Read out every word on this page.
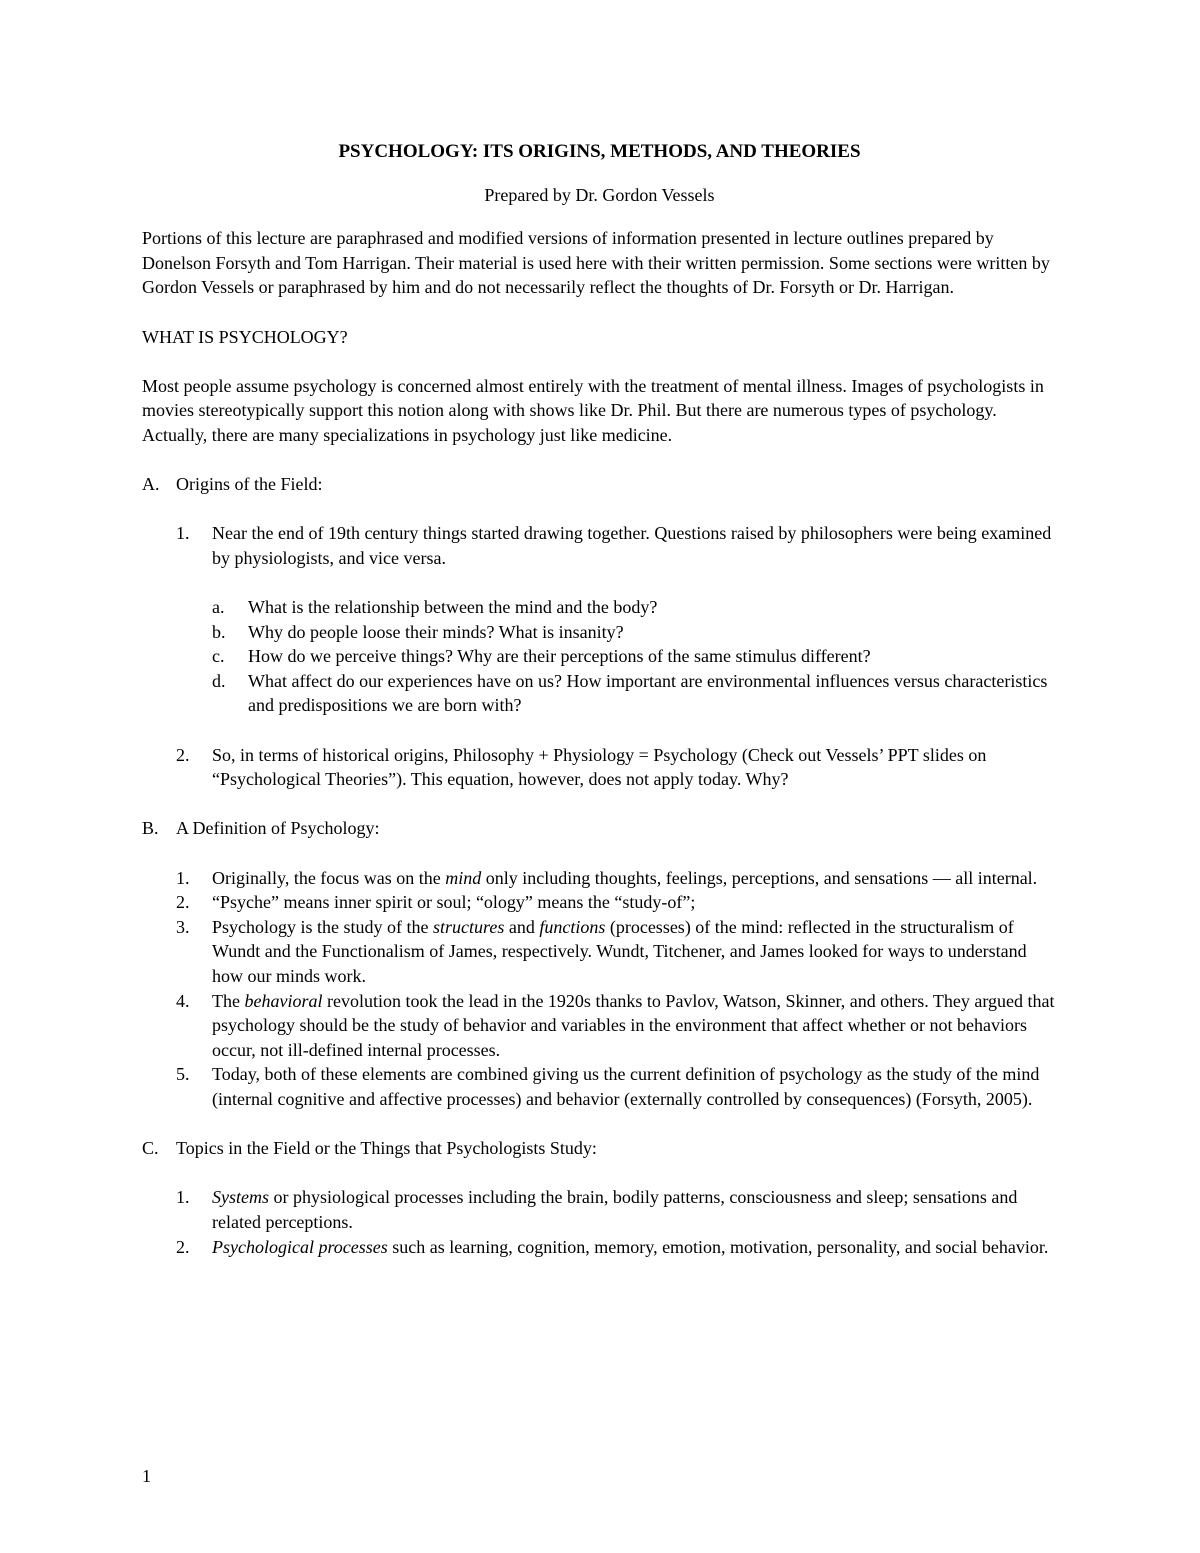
PSYCHOLOGY: ITS ORIGINS, METHODS, AND THEORIES

Prepared by Dr. Gordon Vessels

Portions of this lecture are paraphrased and modified versions of information presented in lecture outlines prepared by Donelson Forsyth and Tom Harrigan. Their material is used here with their written permission. Some sections were written by Gordon Vessels or paraphrased by him and do not necessarily reflect the thoughts of Dr. Forsyth or Dr. Harrigan.

WHAT IS PSYCHOLOGY?

Most people assume psychology is concerned almost entirely with the treatment of mental illness. Images of psychologists in movies stereotypically support this notion along with shows like Dr. Phil. But there are numerous types of psychology. Actually, there are many specializations in psychology just like medicine.

A. Origins of the Field:
1.	Near the end of 19th century things started drawing together. Questions raised by philosophers were being examined by physiologists, and vice versa.
a.	What is the relationship between the mind and the body?
b.	Why do people loose their minds? What is insanity?
c.	How do we perceive things? Why are their perceptions of the same stimulus different?
d.	What affect do our experiences have on us? How important are environmental influences versus characteristics and predispositions we are born with?
2.	So, in terms of historical origins, Philosophy + Physiology = Psychology (Check out Vessels’ PPT slides on “Psychological Theories”). This equation, however, does not apply today. Why?
B. A Definition of Psychology:
1.	Originally, the focus was on the mind only including thoughts, feelings, perceptions, and sensations — all internal.
2.	“Psyche” means inner spirit or soul; “ology” means the “study-of”;
3.	Psychology is the study of the structures and functions (processes) of the mind: reflected in the structuralism of Wundt and the Functionalism of James, respectively. Wundt, Titchener, and James looked for ways to understand how our minds work.
4.	The behavioral revolution took the lead in the 1920s thanks to Pavlov, Watson, Skinner, and others. They argued that psychology should be the study of behavior and variables in the environment that affect whether or not behaviors occur, not ill-defined internal processes.
5.	Today, both of these elements are combined giving us the current definition of psychology as the study of the mind (internal cognitive and affective processes) and behavior (externally controlled by consequences) (Forsyth, 2005).
C. Topics in the Field or the Things that Psychologists Study:
1.	Systems or physiological processes including the brain, bodily patterns, consciousness and sleep; sensations and related perceptions.
2.	Psychological processes such as learning, cognition, memory, emotion, motivation, personality, and social behavior.
1
